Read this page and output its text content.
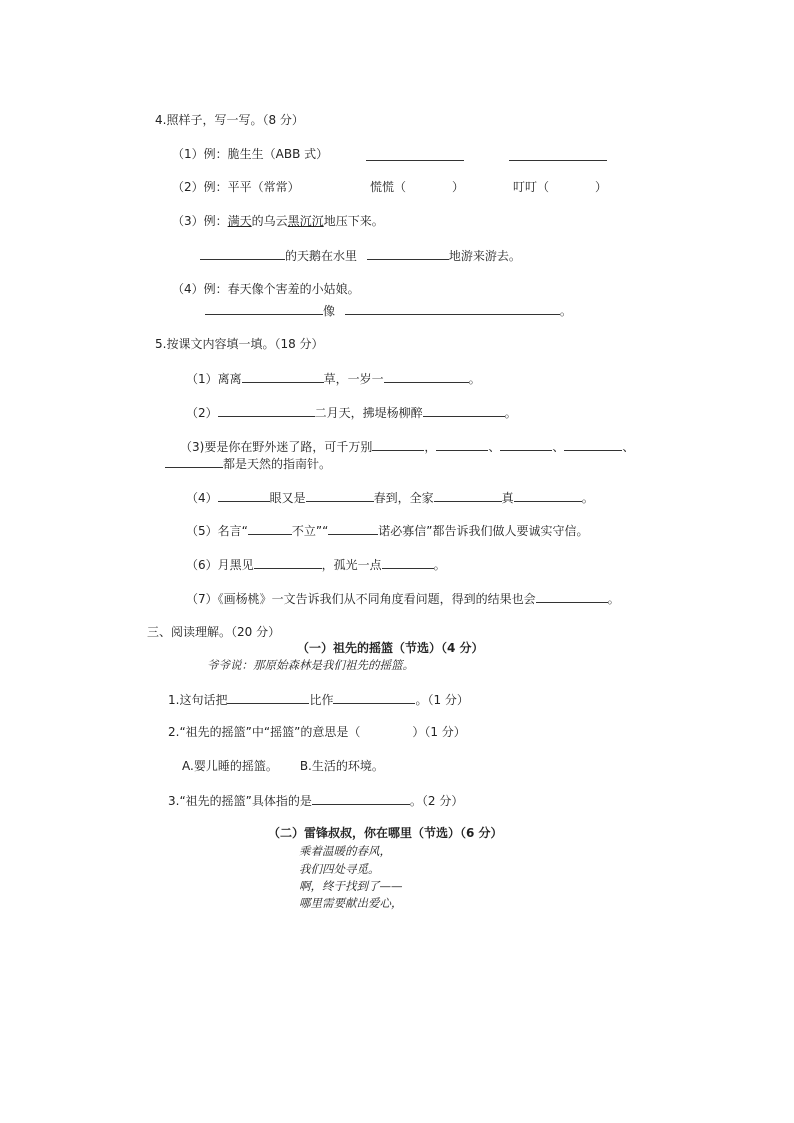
4.照样子，写一写。（8 分）
（1）例：脆生生（ABB 式）
（2）例：平平（常常）	慌慌（	）	叮叮（	）
（3）例：满天的乌云黑沉沉地压下来。
的天鹅在水里	地游来游去。
（4）例：春天像个害羞的小姑娘。
像	。
5.按课文内容填一填。（18 分）
（1）离离	草，一岁一	。
（2）	二月天，拂堤杨柳醉	。
（3)要是你在野外迷了路，可千万别	，	、	、	、
都是天然的指南针。
（4）	眼又是	春到，全家	真	。
（5）名言“	不立”“	诺必寡信”都告诉我们做人要诚实守信。
（6）月黑见	，孤光一点	。
（7）《画杨桃》一文告诉我们从不同角度看问题，得到的结果也会	。
三、阅读理解。（20 分）
（一）祖先的摇篮（节选）（4 分）
爷爷说：那原始森林是我们祖先的摇篮。
1.这句话把	比作	。（1 分）
2.“祖先的摇篮”中“摇篮”的意思是（	）（1 分）
A.婴儿睡的摇篮。 B.生活的环境。
3.“祖先的摇篮”具体指的是	。（2 分）
（二）雷锋叔叔，你在哪里（节选）（6 分）
乘着温暖的春风，
我们四处寻觅。
啊，终于找到了——
哪里需要献出爱心，
